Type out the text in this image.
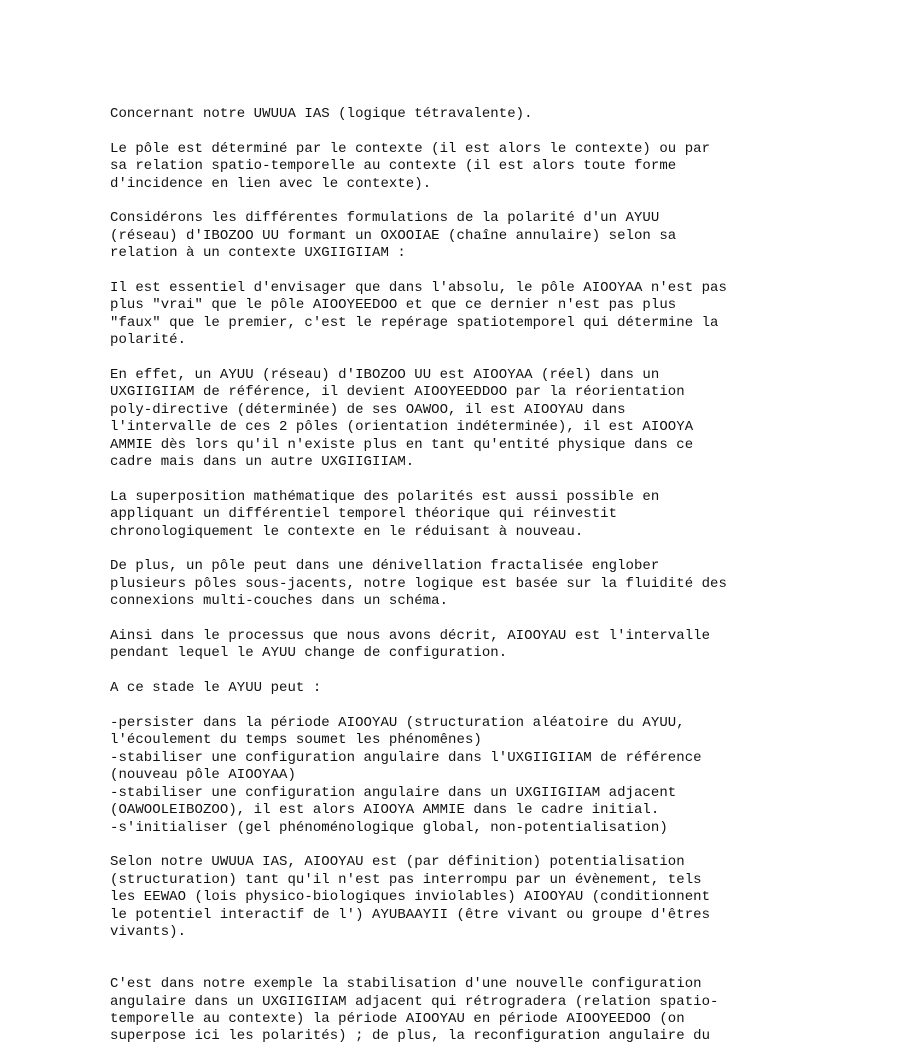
Concernant notre UWUUA IAS (logique tétravalente).

Le pôle est déterminé par le contexte (il est alors le contexte) ou par
sa relation spatio-temporelle au contexte (il est alors toute forme
d'incidence en lien avec le contexte).

Considérons les différentes formulations de la polarité d'un AYUU
(réseau) d'IBOZOO UU formant un OXOOIAE (chaîne annulaire) selon sa
relation à un contexte UXGIIGIIAM :

Il est essentiel d'envisager que dans l'absolu, le pôle AIOOYAA n'est pas
plus "vrai" que le pôle AIOOYEEDOO et que ce dernier n'est pas plus
"faux" que le premier, c'est le repérage spatiotemporel qui détermine la
polarité.

En effet, un AYUU (réseau) d'IBOZOO UU est AIOOYAA (réel) dans un
UXGIIGIIAM de référence, il devient AIOOYEEDDOO par la réorientation
poly-directive (déterminée) de ses OAWOO, il est AIOOYAU dans
l'intervalle de ces 2 pôles (orientation indéterminée), il est AIOOYA
AMMIE dès lors qu'il n'existe plus en tant qu'entité physique dans ce
cadre mais dans un autre UXGIIGIIAM.

La superposition mathématique des polarités est aussi possible en
appliquant un différentiel temporel théorique qui réinvestit
chronologiquement le contexte en le réduisant à nouveau.

De plus, un pôle peut dans une dénivellation fractalisée englober
plusieurs pôles sous-jacents, notre logique est basée sur la fluidité des
connexions multi-couches dans un schéma.

Ainsi dans le processus que nous avons décrit, AIOOYAU est l'intervalle
pendant lequel le AYUU change de configuration.

A ce stade le AYUU peut :

-persister dans la période AIOOYAU (structuration aléatoire du AYUU,
l'écoulement du temps soumet les phénomênes)

-stabiliser une configuration angulaire dans l'UXGIIGIIAM de référence
(nouveau pôle AIOOYAA)

-stabiliser une configuration angulaire dans un UXGIIGIIAM adjacent
(OAWOOLEIBOZOO), il est alors AIOOYA AMMIE dans le cadre initial.

-s'initialiser (gel phénoménologique global, non-potentialisation)

Selon notre UWUUA IAS, AIOOYAU est (par définition) potentialisation
(structuration) tant qu'il n'est pas interrompu par un évènement, tels
les EEWAO (lois physico-biologiques inviolables) AIOOYAU (conditionnent
le potentiel interactif de l') AYUBAAYII (être vivant ou groupe d'êtres
vivants).

C'est dans notre exemple la stabilisation d'une nouvelle configuration
angulaire dans un UXGIIGIIAM adjacent qui rétrogradera (relation spatio-
temporelle au contexte) la période AIOOYAU en période AIOOYEEDOO (on
superpose ici les polarités) ; de plus, la reconfiguration angulaire du
